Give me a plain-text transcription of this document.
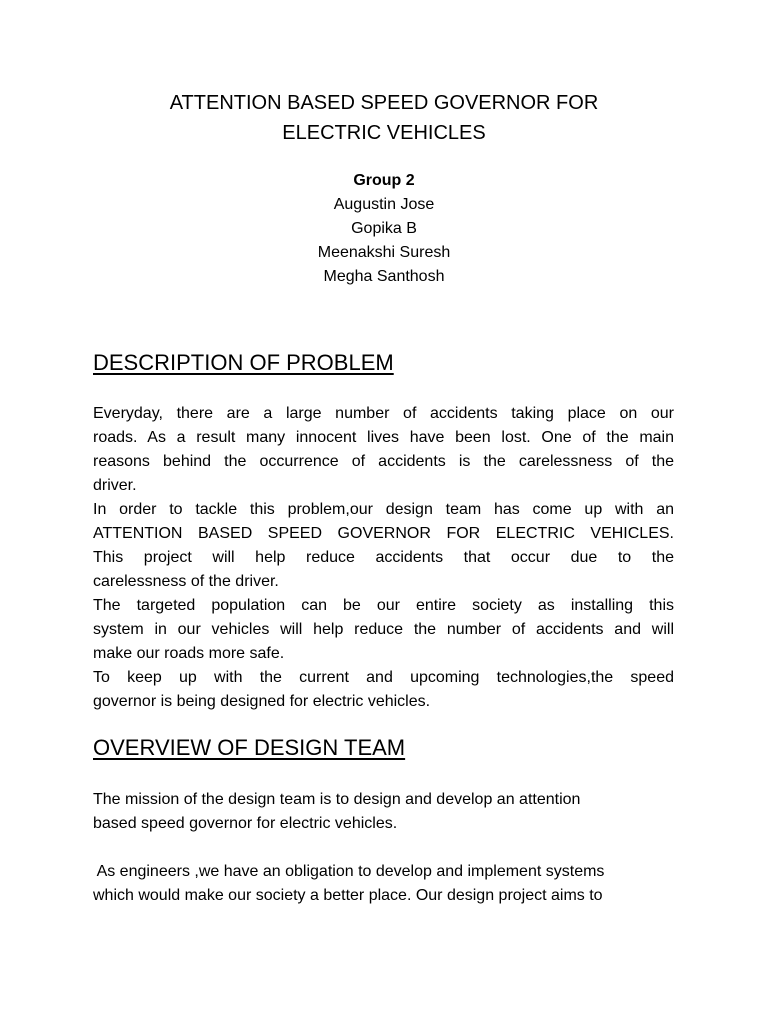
ATTENTION BASED SPEED GOVERNOR FOR
ELECTRIC VEHICLES
Group 2
Augustin Jose
Gopika B
Meenakshi Suresh
Megha Santhosh
DESCRIPTION OF PROBLEM

Everyday, there are a large number of accidents taking place on our
roads. As a result many innocent lives have been lost. One of the main
reasons behind the occurrence of accidents is the carelessness of the
driver.
In order to tackle this problem,our design team has come up with an
ATTENTION BASED SPEED GOVERNOR FOR ELECTRIC VEHICLES.
This project will help reduce accidents that occur due to the
carelessness of the driver.
The targeted population can be our entire society as installing this
system in our vehicles will help reduce the number of accidents and will
make our roads more safe.
To keep up with the current and upcoming technologies,the speed
governor is being designed for electric vehicles.

OVERVIEW OF DESIGN TEAM

The mission of the design team is to design and develop an attention
based speed governor for electric vehicles.

As engineers ,we have an obligation to develop and implement systems
which would make our society a better place. Our design project aims to
